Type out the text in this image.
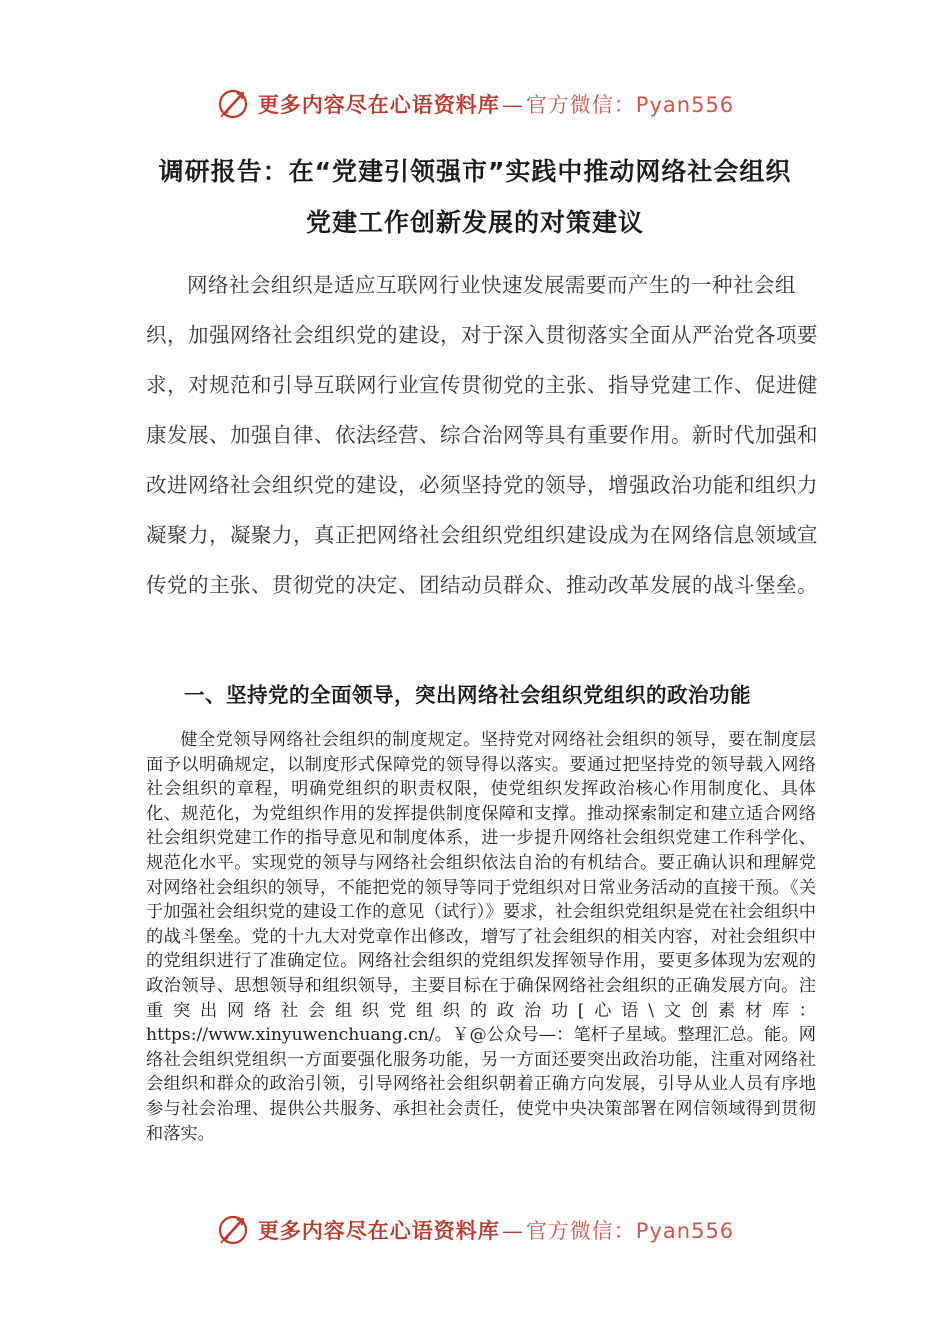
更多内容尽在心语资料库 — 官方微信：Pyan556
调研报告：在“党建引领强市”实践中推动网络社会组织
党建工作创新发展的对策建议

网络社会组织是适应互联网行业快速发展需要而产生的一种社会组织，加强网络社会组织党的建设，对于深入贯彻落实全面从严治党各项要求，对规范和引导互联网行业宣传贯彻党的主张、指导党建工作、促进健康发展、加强自律、依法经营、综合治网等具有重要作用。新时代加强和改进网络社会组织党的建设，必须坚持党的领导，增强政治功能和组织力凝聚力，凝聚力，真正把网络社会组织党组织建设成为在网络信息领域宣传党的主张、贯彻党的决定、团结动员群众、推动改革发展的战斗堡垒。

一、坚持党的全面领导，突出网络社会组织党组织的政治功能

健全党领导网络社会组织的制度规定。坚持党对网络社会组织的领导，要在制度层面予以明确规定，以制度形式保障党的领导得以落实。要通过把坚持党的领导载入网络社会组织的章程，明确党组织的职责权限，使党组织发挥政治核心作用制度化、具体化、规范化，为党组织作用的发挥提供制度保障和支撑。推动探索制定和建立适合网络社会组织党建工作的指导意见和制度体系，进一步提升网络社会组织党建工作科学化、规范化水平。实现党的领导与网络社会组织依法自治的有机结合。要正确认识和理解党对网络社会组织的领导，不能把党的领导等同于党组织对日常业务活动的直接干预。《关于加强社会组织党的建设工作的意见（试行）》要求，社会组织党组织是党在社会组织中的战斗堡垒。党的十九大对党章作出修改，增写了社会组织的相关内容，对社会组织中的党组织进行了准确定位。网络社会组织的党组织发挥领导作用，要更多体现为宏观的政治领导、思想领导和组织领导，主要目标在于确保网络社会组织的正确发展方向。注重突出网络社会组织党组织的政治功[心语\文创素材库：https://www.xinyuwenchuang.cn/。￥@公众号—：笔杆子星域。整理汇总。能。网络社会组织党组织一方面要强化服务功能，另一方面还要突出政治功能，注重对网络社会组织和群众的政治引领，引导网络社会组织朝着正确方向发展，引导从业人员有序地参与社会治理、提供公共服务、承担社会责任，使党中央决策部署在网信领域得到贯彻和落实。

更多内容尽在心语资料库 — 官方微信：Pyan556
